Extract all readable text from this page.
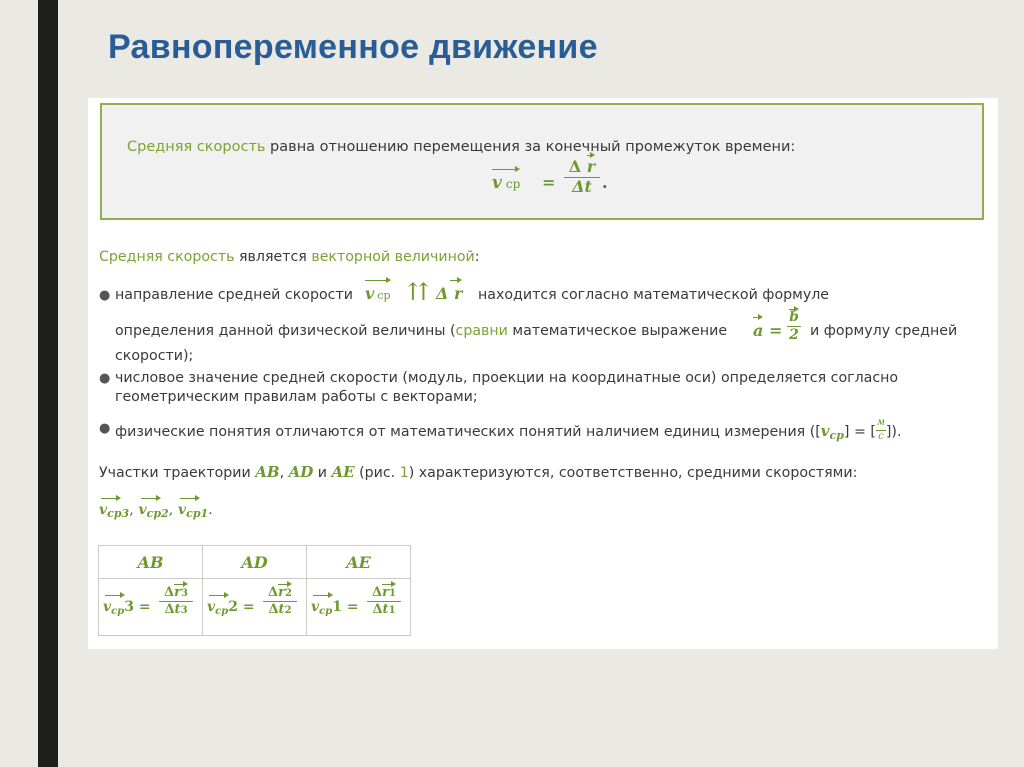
Равнопеременное движение
Средняя скорость равна отношению перемещения за конечный промежуток времени:
v ср =
Δ r
Δt .
Средняя скорость является векторной величиной:
● направление средней скорости v ср ⇈ Δ r находится согласно математической формуле
определения данной физической величины (сравни математическое выражение a =
b
2 и формулу средней
скорости);
● числовое значение средней скорости (модуль, проекции на координатные оси) определяется согласно
геометрическим правилам работы с векторами;
● физические понятия отличаются от математических понятий наличием единиц измерения ($[v_{ср}]$ = [ $\frac{м}{с}$ ]).
Участки траектории AB, AD и AE (рис. 1) характеризуются, соответственно, средними скоростями:
$v_{ср3}$
, $v_{ср2}$
, $v_{ср1}$
.
AB	AD	AE

$v_{ср}3$ =
Δr3
Δt3	$v_{ср}2$ =
Δr2
Δt2	$v_{ср}1$ =
Δr1
Δt1
